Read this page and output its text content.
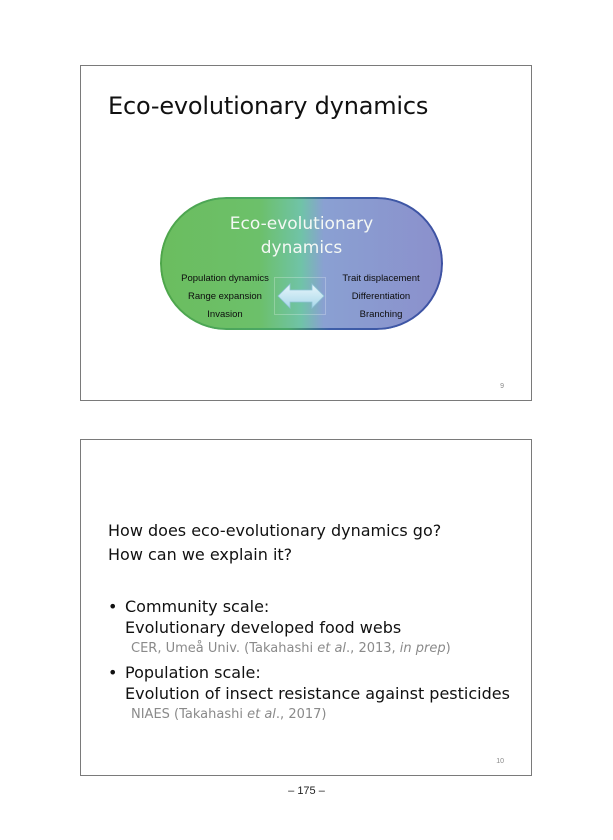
Eco-evolutionary dynamics
Eco-evolutionary
dynamics
Population dynamics
Range expansion
Invasion
Trait displacement
Differentiation
Branching
9
How does eco-evolutionary dynamics go?
How can we explain it?
• Community scale:
Evolutionary developed food webs
CER, Umeå Univ. (Takahashi et al., 2013, in prep)
• Population scale:
Evolution of insect resistance against pesticides
NIAES (Takahashi et al., 2017)
10
– 175 –
